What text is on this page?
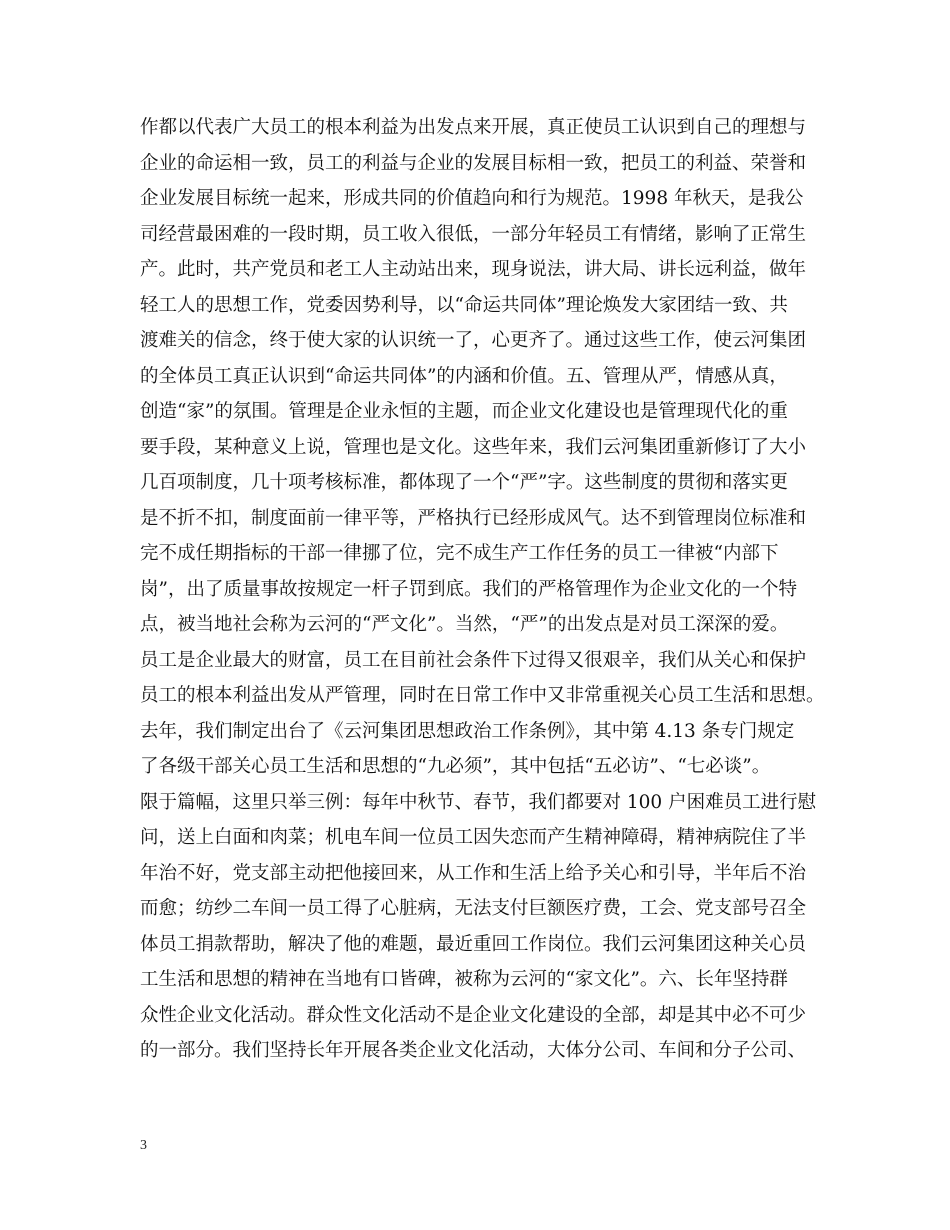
作都以代表广大员工的根本利益为出发点来开展，真正使员工认识到自己的理想与
企业的命运相一致，员工的利益与企业的发展目标相一致，把员工的利益、荣誉和
企业发展目标统一起来，形成共同的价值趋向和行为规范。1998 年秋天，是我公
司经营最困难的一段时期，员工收入很低，一部分年轻员工有情绪，影响了正常生
产。此时，共产党员和老工人主动站出来，现身说法，讲大局、讲长远利益，做年
轻工人的思想工作，党委因势利导，以“命运共同体”理论焕发大家团结一致、共
渡难关的信念，终于使大家的认识统一了，心更齐了。通过这些工作，使云河集团
的全体员工真正认识到“命运共同体”的内涵和价值。五、管理从严，情感从真，
创造“家”的氛围。管理是企业永恒的主题，而企业文化建设也是管理现代化的重
要手段，某种意义上说，管理也是文化。这些年来，我们云河集团重新修订了大小
几百项制度，几十项考核标准，都体现了一个“严”字。这些制度的贯彻和落实更
是不折不扣，制度面前一律平等，严格执行已经形成风气。达不到管理岗位标准和
完不成任期指标的干部一律挪了位，完不成生产工作任务的员工一律被“内部下
岗”，出了质量事故按规定一杆子罚到底。我们的严格管理作为企业文化的一个特
点，被当地社会称为云河的“严文化”。当然，“严”的出发点是对员工深深的爱。
员工是企业最大的财富，员工在目前社会条件下过得又很艰辛，我们从关心和保护
员工的根本利益出发从严管理，同时在日常工作中又非常重视关心员工生活和思想。
去年，我们制定出台了《云河集团思想政治工作条例》，其中第 4.13 条专门规定
了各级干部关心员工生活和思想的“九必须”，其中包括“五必访”、“七必谈”。
限于篇幅，这里只举三例：每年中秋节、春节，我们都要对 100 户困难员工进行慰
问，送上白面和肉菜；机电车间一位员工因失恋而产生精神障碍，精神病院住了半
年治不好，党支部主动把他接回来，从工作和生活上给予关心和引导，半年后不治
而愈；纺纱二车间一员工得了心脏病，无法支付巨额医疗费，工会、党支部号召全
体员工捐款帮助，解决了他的难题，最近重回工作岗位。我们云河集团这种关心员
工生活和思想的精神在当地有口皆碑，被称为云河的“家文化”。六、长年坚持群
众性企业文化活动。群众性文化活动不是企业文化建设的全部，却是其中必不可少
的一部分。我们坚持长年开展各类企业文化活动，大体分公司、车间和分子公司、
3
